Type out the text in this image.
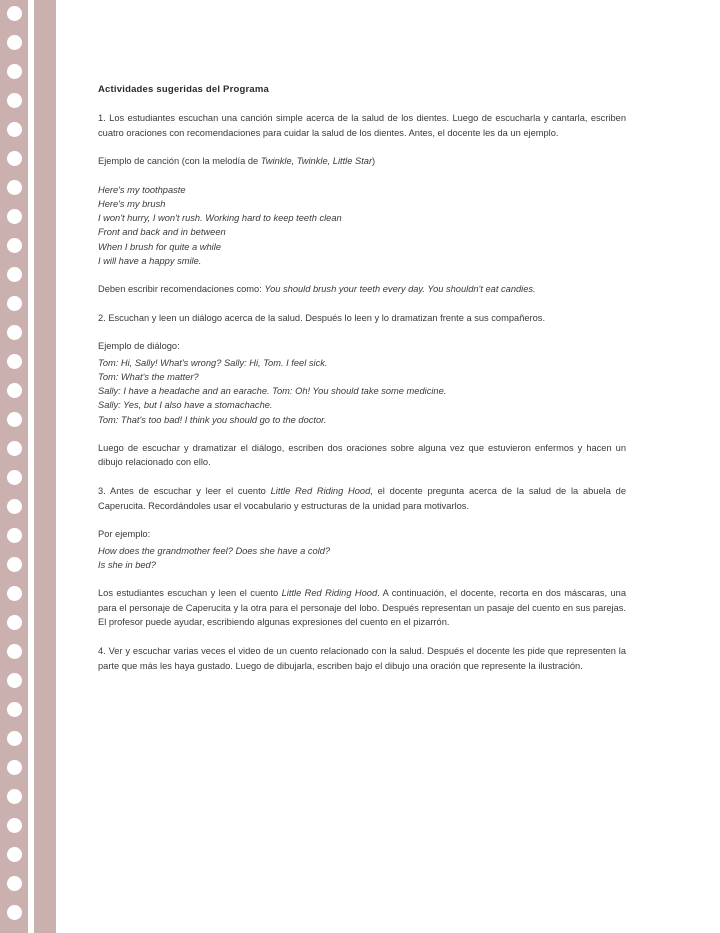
Actividades sugeridas del Programa

1. Los estudiantes escuchan una canción simple acerca de la salud de los dientes. Luego de escucharla y cantarla, escriben cuatro oraciones con recomendaciones para cuidar la salud de los dientes. Antes, el docente les da un ejemplo.

Ejemplo de canción (con la melodía de Twinkle, Twinkle, Little Star)

Here's my toothpaste

Here's my brush

I won't hurry, I won't rush. Working hard to keep teeth clean

Front and back and in between

When I brush for quite a while

I will have a happy smile.

Deben escribir recomendaciones como: You should brush your teeth every day. You shouldn't eat candies.

2. Escuchan y leen un diálogo acerca de la salud. Después lo leen y lo dramatizan frente a sus compañeros.

Ejemplo de diálogo:

Tom: Hi, Sally! What's wrong? Sally: Hi, Tom. I feel sick.

Tom: What's the matter?

Sally: I have a headache and an earache. Tom: Oh! You should take some medicine.

Sally: Yes, but I also have a stomachache.

Tom: That's too bad! I think you should go to the doctor.

Luego de escuchar y dramatizar el diálogo, escriben dos oraciones sobre alguna vez que estuvieron enfermos y hacen un dibujo relacionado con ello.

3. Antes de escuchar y leer el cuento Little Red Riding Hood, el docente pregunta acerca de la salud de la abuela de Caperucita. Recordándoles usar el vocabulario y estructuras de la unidad para motivarlos.

Por ejemplo:

How does the grandmother feel? Does she have a cold?

Is she in bed?

Los estudiantes escuchan y leen el cuento Little Red Riding Hood. A continuación, el docente, recorta en dos máscaras, una para el personaje de Caperucita y la otra para el personaje del lobo. Después representan un pasaje del cuento en sus parejas. El profesor puede ayudar, escribiendo algunas expresiones del cuento en el pizarrón.

4. Ver y escuchar varias veces el video de un cuento relacionado con la salud. Después el docente les pide que representen la parte que más les haya gustado. Luego de dibujarla, escriben bajo el dibujo una oración que represente la ilustración.
